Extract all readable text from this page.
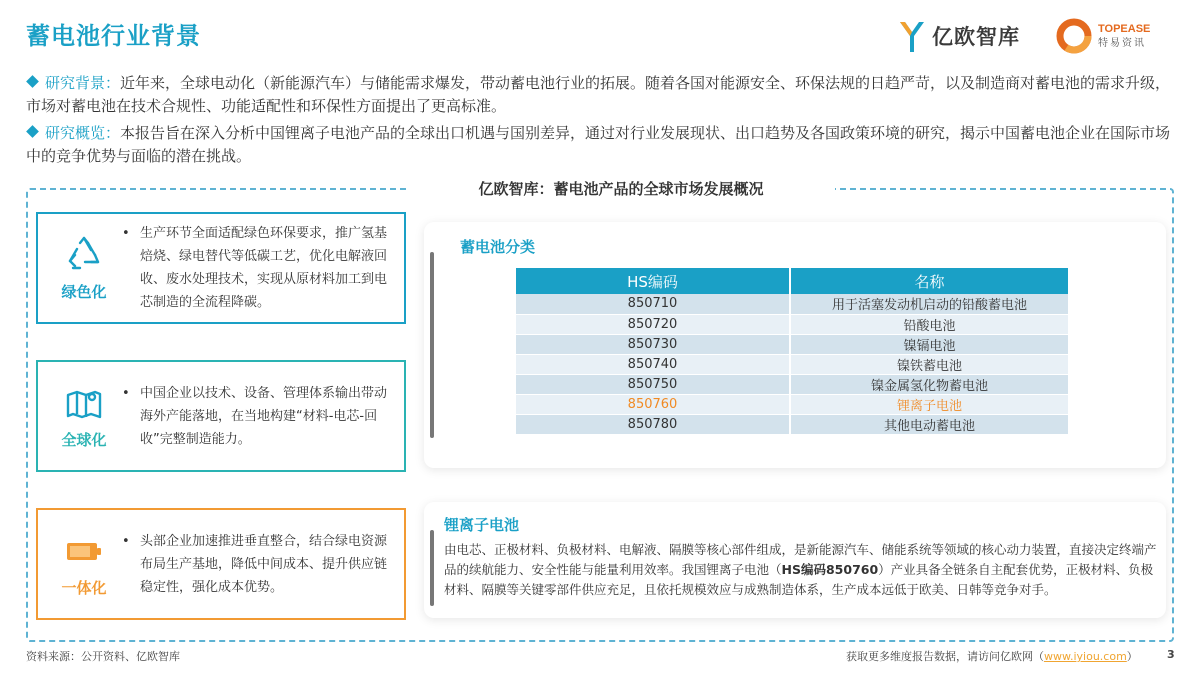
蓄电池行业背景	亿欧智库	TOPEASE
特易资讯
研究背景：近年来，全球电动化（新能源汽车）与储能需求爆发，带动蓄电池行业的拓展。随着各国对能源安全、环保法规的日趋严苛，以及制造商对蓄电池的需求升级，市场对蓄电池在技术合规性、功能适配性和环保性方面提出了更高标准。
研究概览：本报告旨在深入分析中国锂离子电池产品的全球出口机遇与国别差异，通过对行业发展现状、出口趋势及各国政策环境的研究，揭示中国蓄电池企业在国际市场中的竞争优势与面临的潜在挑战。
亿欧智库：蓄电池产品的全球市场发展概况
绿色化
• 生产环节全面适配绿色环保要求，推广氢基焙烧、绿电替代等低碳工艺，优化电解液回收、废水处理技术，实现从原材料加工到电芯制造的全流程降碳。
全球化
• 中国企业以技术、设备、管理体系输出带动海外产能落地，在当地构建“材料-电芯-回收”完整制造能力。
一体化
• 头部企业加速推进垂直整合，结合绿电资源布局生产基地，降低中间成本、提升供应链稳定性，强化成本优势。
蓄电池分类
HS编码	名称
850710	用于活塞发动机启动的铅酸蓄电池
850720	铅酸电池
850730	镍镉电池
850740	镍铁蓄电池
850750	镍金属氢化物蓄电池
850760	锂离子电池
850780	其他电动蓄电池
锂离子电池
由电芯、正极材料、负极材料、电解液、隔膜等核心部件组成，是新能源汽车、储能系统等领域的核心动力装置，直接决定终端产品的续航能力、安全性能与能量利用效率。我国锂离子电池（HS编码850760）产业具备全链条自主配套优势，正极材料、负极材料、隔膜等关键零部件供应充足，且依托规模效应与成熟制造体系，生产成本远低于欧美、日韩等竞争对手。
资料来源：公开资料、亿欧智库	获取更多维度报告数据，请访问亿欧网（www.iyiou.com）	3
